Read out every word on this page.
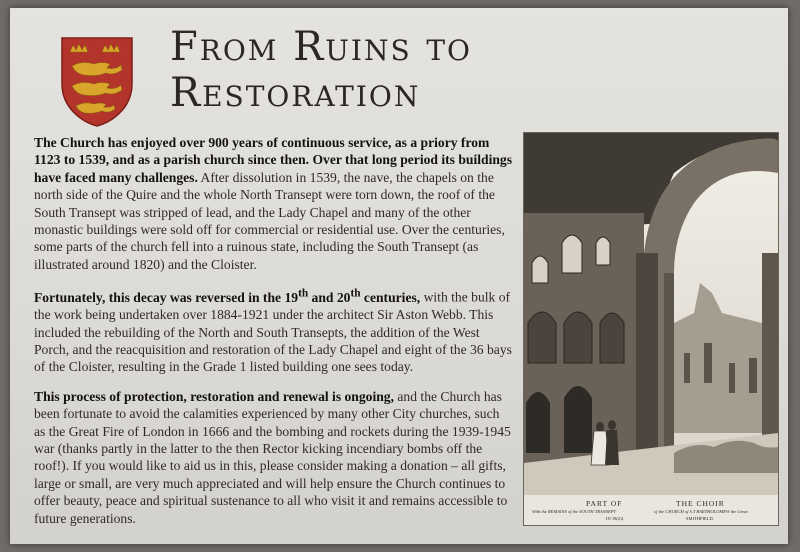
From Ruins to
Restoration

The Church has enjoyed over 900 years of continuous service, as a priory from 1123 to 1539, and as a parish church since then. Over that long period its buildings have faced many challenges. After dissolution in 1539, the nave, the chapels on the north side of the Quire and the whole North Transept were torn down, the roof of the South Transept was stripped of lead, and the Lady Chapel and many of the other monastic buildings were sold off for commercial or residential use. Over the centuries, some parts of the church fell into a ruinous state, including the South Transept (as illustrated around 1820) and the Cloister.

Fortunately, this decay was reversed in the 19th and 20th centuries, with the bulk of the work being undertaken over 1884-1921 under the architect Sir Aston Webb. This included the rebuilding of the North and South Transepts, the addition of the West Porch, and the reacquisition and restoration of the Lady Chapel and eight of the 36 bays of the Cloister, resulting in the Grade 1 listed building one sees today.

This process of protection, restoration and renewal is ongoing, and the Church has been fortunate to avoid the calamities experienced by many other City churches, such as the Great Fire of London in 1666 and the bombing and rockets during the 1939-1945 war (thanks partly in the latter to the then Rector kicking incendiary bombs off the roof!). If you would like to aid us in this, please consider making a donation – all gifts, large or small, are very much appreciated and will help ensure the Church continues to offer beauty, peace and spiritual sustenance to all who visit it and remains accessible to future generations.

PART OF	THE CHOIR
With the REMAINS of the SOUTH TRANSEPT	of the CHURCH of S.T BARTHOLOMEW the Great
IN 18(2)1	SMITHFIELD.
